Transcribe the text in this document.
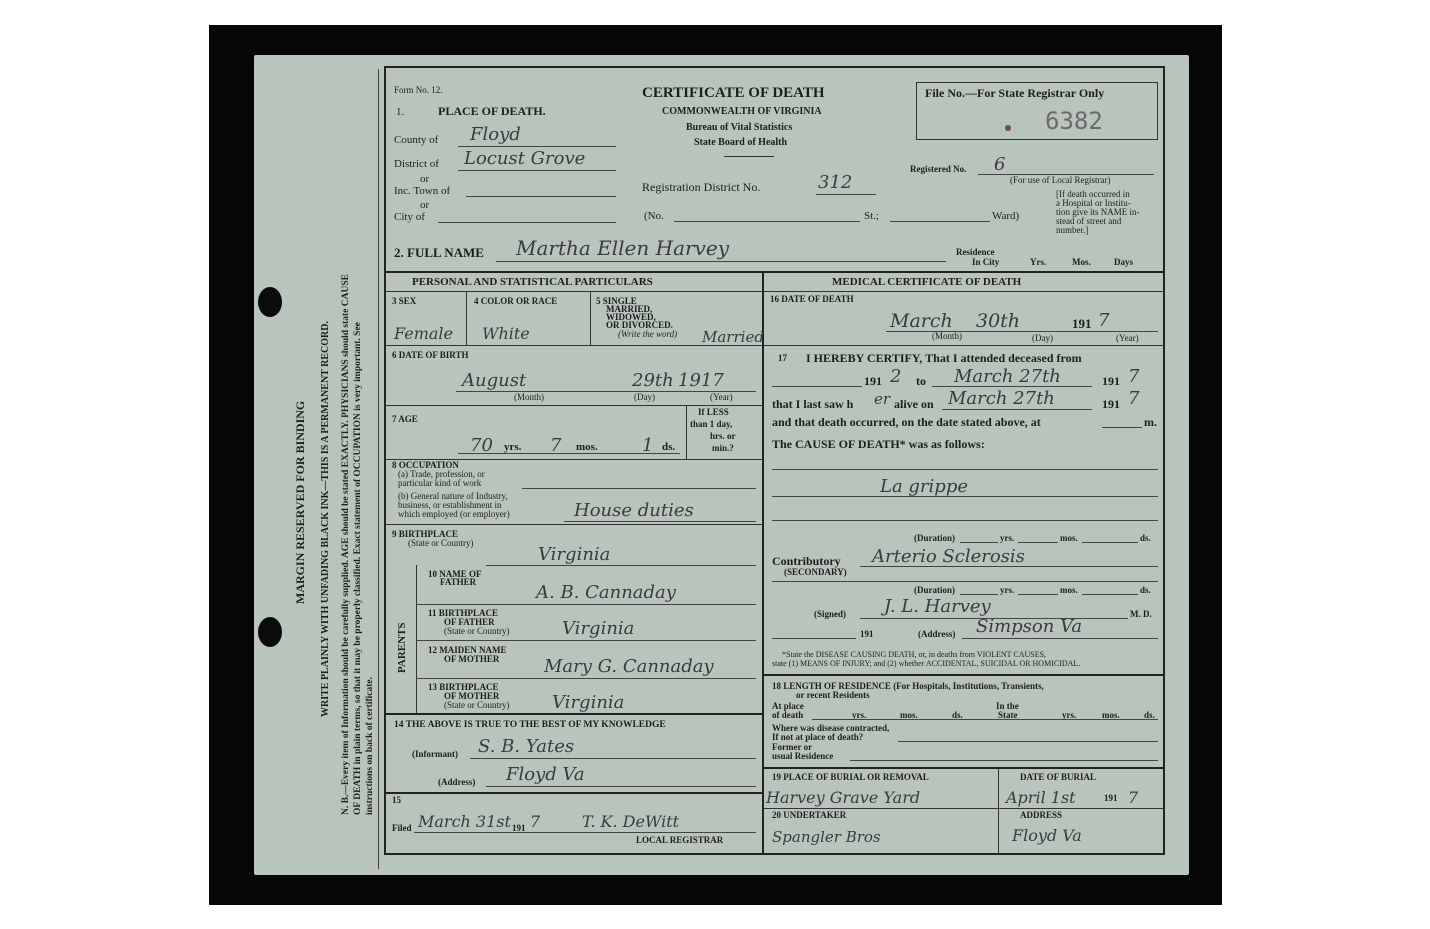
MARGIN RESERVED FOR BINDING WRITE PLAINLY WITH UNFADING BLACK INK—THIS IS A PERMANENT RECORD. N. B.—Every item of Information should be carefully supplied. AGE should be stated EXACTLY. PHYSICIANS should state CAUSE OF DEATH in plain terms, so that it may be properly classified. Exact statement of OCCUPATION is very important. See instructions on back of certificate.
Form No. 12.
1.	PLACE OF DEATH.
CERTIFICATE OF DEATH
COMMONWEALTH OF VIRGINIA
Bureau of Vital Statistics
State Board of Health
File No.—For State Registrar Only
6382
County of Floyd
District of Locust Grove
or
Inc. Town of
or
City of
Registration District No.	312
(No.	St.;	Ward)
Registered No. 6
(For use of Local Registrar)
[If death occurred in
a Hospital or Institu-
tion give its NAME in-
stead of street and
number.]
2. FULL NAME Martha Ellen Harvey	Residence
In City	Yrs.	Mos.	Days
PERSONAL AND STATISTICAL PARTICULARS
3 SEX
Female
4 COLOR OR RACE
White
5 SINGLE
MARRIED,
WIDOWED,
OR DIVORCED.
(Write the word) Married
6 DATE OF BIRTH
August	29th 1917
(Month)	(Day)	(Year)
7 AGE
70 yrs. 7 mos. 1 ds.
If LESS
than 1 day,
hrs. or
min.?
8 OCCUPATION
(a) Trade, profession, or
particular kind of work
(b) General nature of Industry,
business, or establishment in
which employed (or employer)	House duties
9 BIRTHPLACE
(State or Country)
Virginia
PARENTS
10 NAME OF
FATHER	A. B. Cannaday
11 BIRTHPLACE
OF FATHER
(State or Country)	Virginia
12 MAIDEN NAME
OF MOTHER Mary G. Cannaday
13 BIRTHPLACE
OF MOTHER
(State or Country) Virginia
14 THE ABOVE IS TRUE TO THE BEST OF MY KNOWLEDGE
(Informant) S. B. Yates
(Address) Floyd Va
15
Filed March 31st 191 7	T. K. DeWitt
LOCAL REGISTRAR
MEDICAL CERTIFICATE OF DEATH
16 DATE OF DEATH
March 30th	191 7
(Month)	(Day)	(Year)
17 I HEREBY CERTIFY, That I attended deceased from
191 2 to March 27th	191 7
that I last saw h er alive on March 27th	191 7
and that death occurred, on the date stated above, at	m.
The CAUSE OF DEATH* was as follows:
La grippe
(Duration)	yrs.	mos.	ds.
Contributory
(SECONDARY)
Arterio Sclerosis
(Duration)	yrs.	mos.	ds.
(Signed) J. L. Harvey	M. D.
191	(Address) Simpson Va
*State the DISEASE CAUSING DEATH, or, in deaths from VIOLENT CAUSES,
state (1) MEANS OF INJURY; and (2) whether ACCIDENTAL, SUICIDAL OR HOMICIDAL.
18 LENGTH OF RESIDENCE (For Hospitals, Institutions, Transients,
or recent Residents
At place
of death	yrs.	mos.	ds.
In the
State	yrs.	mos.	ds.
Where was disease contracted,
If not at place of death?
Former or
usual Residence
19 PLACE OF BURIAL OR REMOVAL
Harvey Grave Yard
DATE OF BURIAL
April 1st	191 7
20 UNDERTAKER
Spangler Bros
ADDRESS
Floyd Va
